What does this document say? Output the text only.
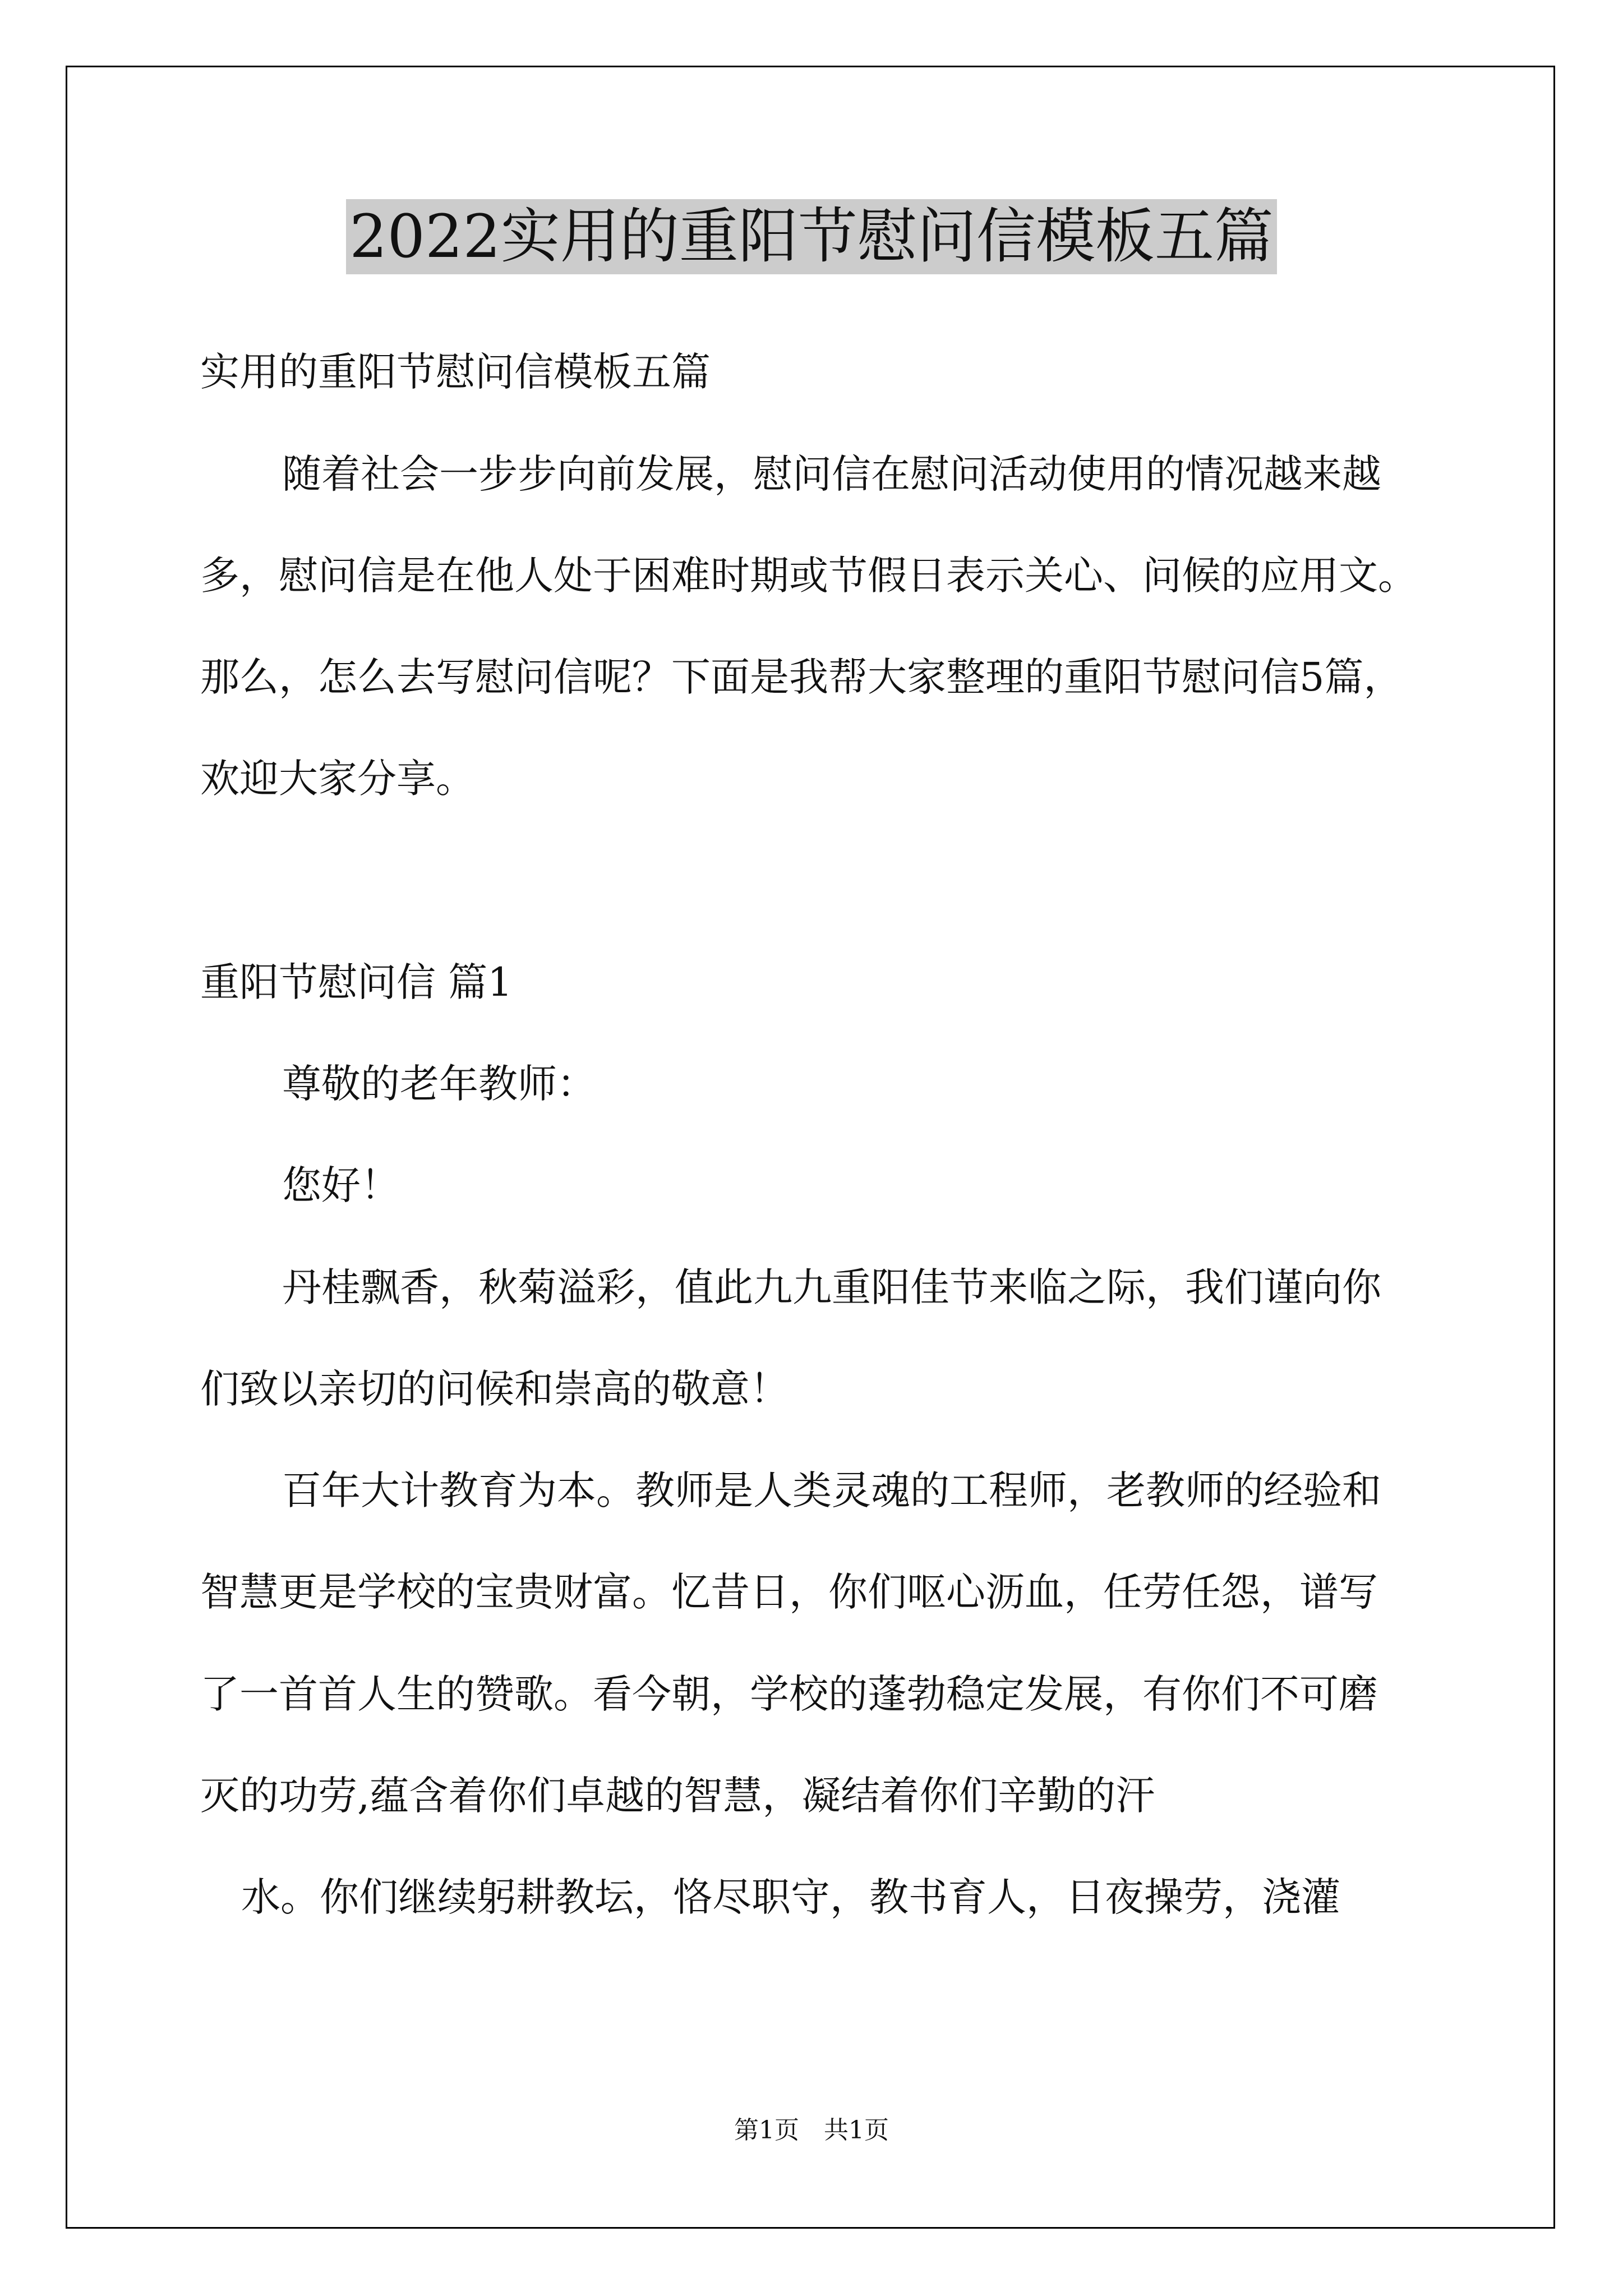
2022实用的重阳节慰问信模板五篇
实用的重阳节慰问信模板五篇
随着社会一步步向前发展，慰问信在慰问活动使用的情况越来越
多，慰问信是在他人处于困难时期或节假日表示关心、问候的应用文。
那么，怎么去写慰问信呢？下面是我帮大家整理的重阳节慰问信5篇，
欢迎大家分享。
重阳节慰问信 篇1
尊敬的老年教师：
您好！
丹桂飘香，秋菊溢彩，值此九九重阳佳节来临之际，我们谨向你
们致以亲切的问候和崇高的敬意！
百年大计教育为本。教师是人类灵魂的工程师，老教师的经验和
智慧更是学校的宝贵财富。忆昔日，你们呕心沥血，任劳任怨，谱写
了一首首人生的赞歌。看今朝，学校的蓬勃稳定发展，有你们不可磨
灭的功劳,蕴含着你们卓越的智慧，凝结着你们辛勤的汗
水。你们继续躬耕教坛，恪尽职守，教书育人，日夜操劳，浇灌
第1页　共1页
